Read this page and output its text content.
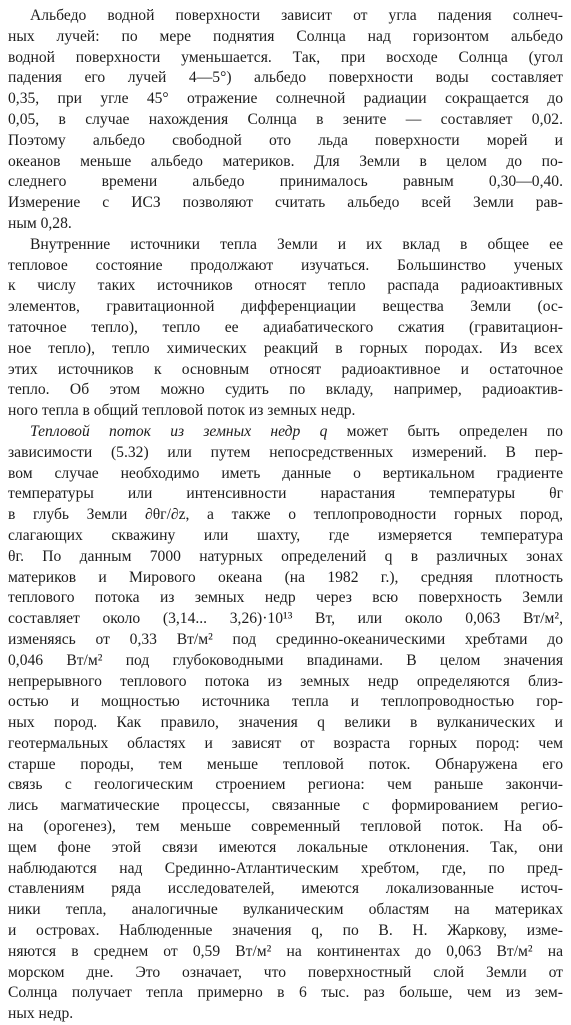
Альбедо водной поверхности зависит от угла падения солнеч-
ных лучей: по мере поднятия Солнца над горизонтом альбедо
водной поверхности уменьшается. Так, при восходе Солнца (угол
падения его лучей 4—5°) альбедо поверхности воды составляет
0,35, при угле 45° отражение солнечной радиации сокращается до
0,05, в случае нахождения Солнца в зените — составляет 0,02.
Поэтому альбедо свободной ото льда поверхности морей и
океанов меньше альбедо материков. Для Земли в целом до по-
следнего времени альбедо принималось равным 0,30—0,40.
Измерение с ИСЗ позволяют считать альбедо всей Земли рав-
ным 0,28.
Внутренние источники тепла Земли и их вклад в общее ее
тепловое состояние продолжают изучаться. Большинство ученых
к числу таких источников относят тепло распада радиоактивных
элементов, гравитационной дифференциации вещества Земли (ос-
таточное тепло), тепло ее адиабатического сжатия (гравитацион-
ное тепло), тепло химических реакций в горных породах. Из всех
этих источников к основным относят радиоактивное и остаточное
тепло. Об этом можно судить по вкладу, например, радиоактив-
ного тепла в общий тепловой поток из земных недр.
Тепловой поток из земных недр q может быть определен по
зависимости (5.32) или путем непосредственных измерений. В пер-
вом случае необходимо иметь данные о вертикальном градиенте
температуры или интенсивности нарастания температуры θг
в глубь Земли ∂θг/∂z, а также о теплопроводности горных пород,
слагающих скважину или шахту, где измеряется температура
θг. По данным 7000 натурных определений q в различных зонах
материков и Мирового океана (на 1982 г.), средняя плотность
теплового потока из земных недр через всю поверхность Земли
составляет около (3,14... 3,26)·10¹³ Вт, или около 0,063 Вт/м²,
изменяясь от 0,33 Вт/м² под срединно-океаническими хребтами до
0,046 Вт/м² под глубоководными впадинами. В целом значения
непрерывного теплового потока из земных недр определяются близ-
остью и мощностью источника тепла и теплопроводностью гор-
ных пород. Как правило, значения q велики в вулканических и
геотермальных областях и зависят от возраста горных пород: чем
старше породы, тем меньше тепловой поток. Обнаружена его
связь с геологическим строением региона: чем раньше закончи-
лись магматические процессы, связанные с формированием регио-
на (орогенез), тем меньше современный тепловой поток. На об-
щем фоне этой связи имеются локальные отклонения. Так, они
наблюдаются над Срединно-Атлантическим хребтом, где, по пред-
ставлениям ряда исследователей, имеются локализованные источ-
ники тепла, аналогичные вулканическим областям на материках
и островах. Наблюденные значения q, по В. Н. Жаркову, изме-
няются в среднем от 0,59 Вт/м² на континентах до 0,063 Вт/м² на
морском дне. Это означает, что поверхностный слой Земли от
Солнца получает тепла примерно в 6 тыс. раз больше, чем из зем-
ных недр.
